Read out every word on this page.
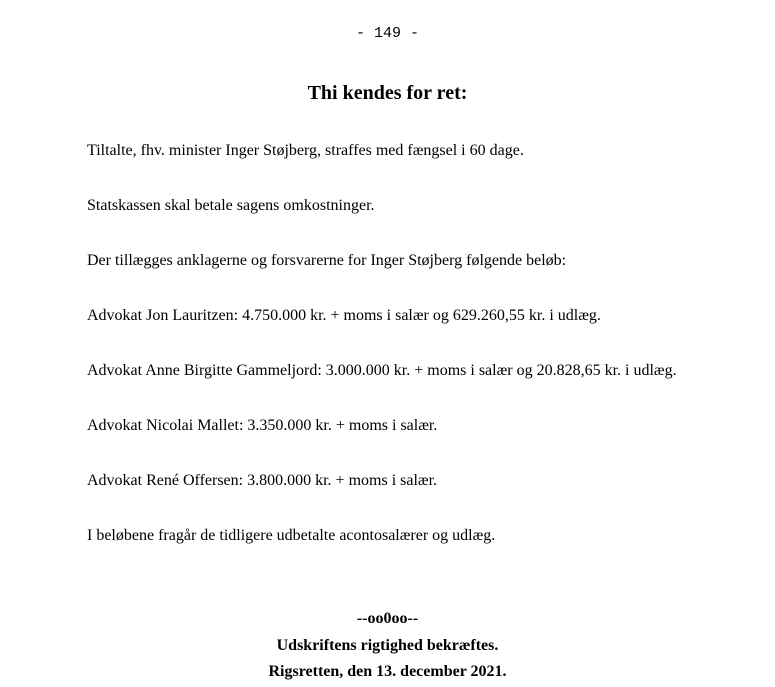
- 149 -
Thi kendes for ret:
Tiltalte, fhv. minister Inger Støjberg, straffes med fængsel i 60 dage.
Statskassen skal betale sagens omkostninger.
Der tillægges anklagerne og forsvarerne for Inger Støjberg følgende beløb:
Advokat Jon Lauritzen: 4.750.000 kr. + moms i salær og 629.260,55 kr. i udlæg.
Advokat Anne Birgitte Gammeljord: 3.000.000 kr. + moms i salær og 20.828,65 kr. i udlæg.
Advokat Nicolai Mallet: 3.350.000 kr. + moms i salær.
Advokat René Offersen: 3.800.000 kr. + moms i salær.
I beløbene fragår de tidligere udbetalte acontosalærer og udlæg.
--oo0oo--
Udskriftens rigtighed bekræftes.
Rigsretten, den 13. december 2021.
